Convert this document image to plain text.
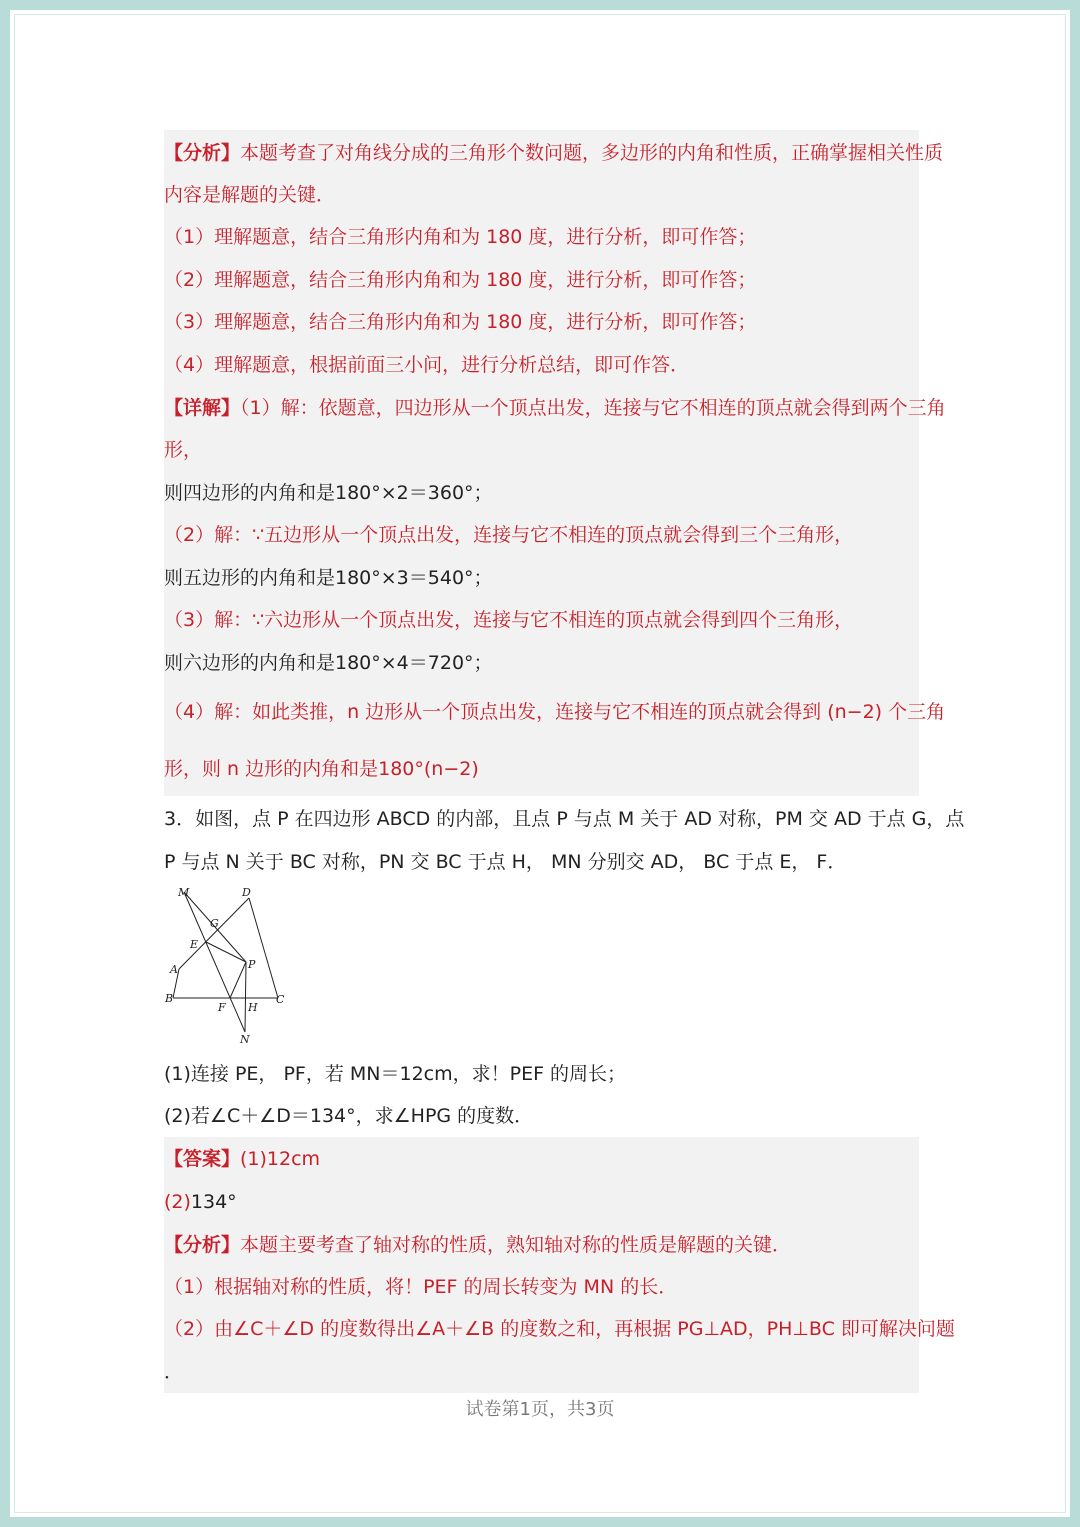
【分析】本题考查了对角线分成的三角形个数问题，多边形的内角和性质，正确掌握相关性质
内容是解题的关键．
（1）理解题意，结合三角形内角和为 180 度，进行分析，即可作答；
（2）理解题意，结合三角形内角和为 180 度，进行分析，即可作答；
（3）理解题意，结合三角形内角和为 180 度，进行分析，即可作答；
（4）理解题意，根据前面三小问，进行分析总结，即可作答．
【详解】（1）解：依题意，四边形从一个顶点出发，连接与它不相连的顶点就会得到两个三角
形，
则四边形的内角和是180°×2＝360°；
（2）解：∵五边形从一个顶点出发，连接与它不相连的顶点就会得到三个三角形，
则五边形的内角和是180°×3＝540°；
（3）解：∵六边形从一个顶点出发，连接与它不相连的顶点就会得到四个三角形，
则六边形的内角和是180°×4＝720°；
（4）解：如此类推，n 边形从一个顶点出发，连接与它不相连的顶点就会得到 (n−2) 个三角
形，则 n 边形的内角和是180°(n−2)
3．如图，点 P 在四边形 ABCD 的内部，且点 P 与点 M 关于 AD 对称，PM 交 AD 于点 G，点
P 与点 N 关于 BC 对称，PN 交 BC 于点 H， MN 分别交 AD， BC 于点 E， F．
M	D
G
E
A	P
B
F H
C
N
(1)连接 PE， PF，若 MN＝12cm，求！PEF 的周长；
(2)若∠C＋∠D＝134°，求∠HPG 的度数．
【答案】(1)12cm
(2)134°
【分析】本题主要考查了轴对称的性质，熟知轴对称的性质是解题的关键．
（1）根据轴对称的性质，将！PEF 的周长转变为 MN 的长．
（2）由∠C＋∠D 的度数得出∠A＋∠B 的度数之和，再根据 PG⊥AD，PH⊥BC 即可解决问题
．
试卷第1页，共3页
